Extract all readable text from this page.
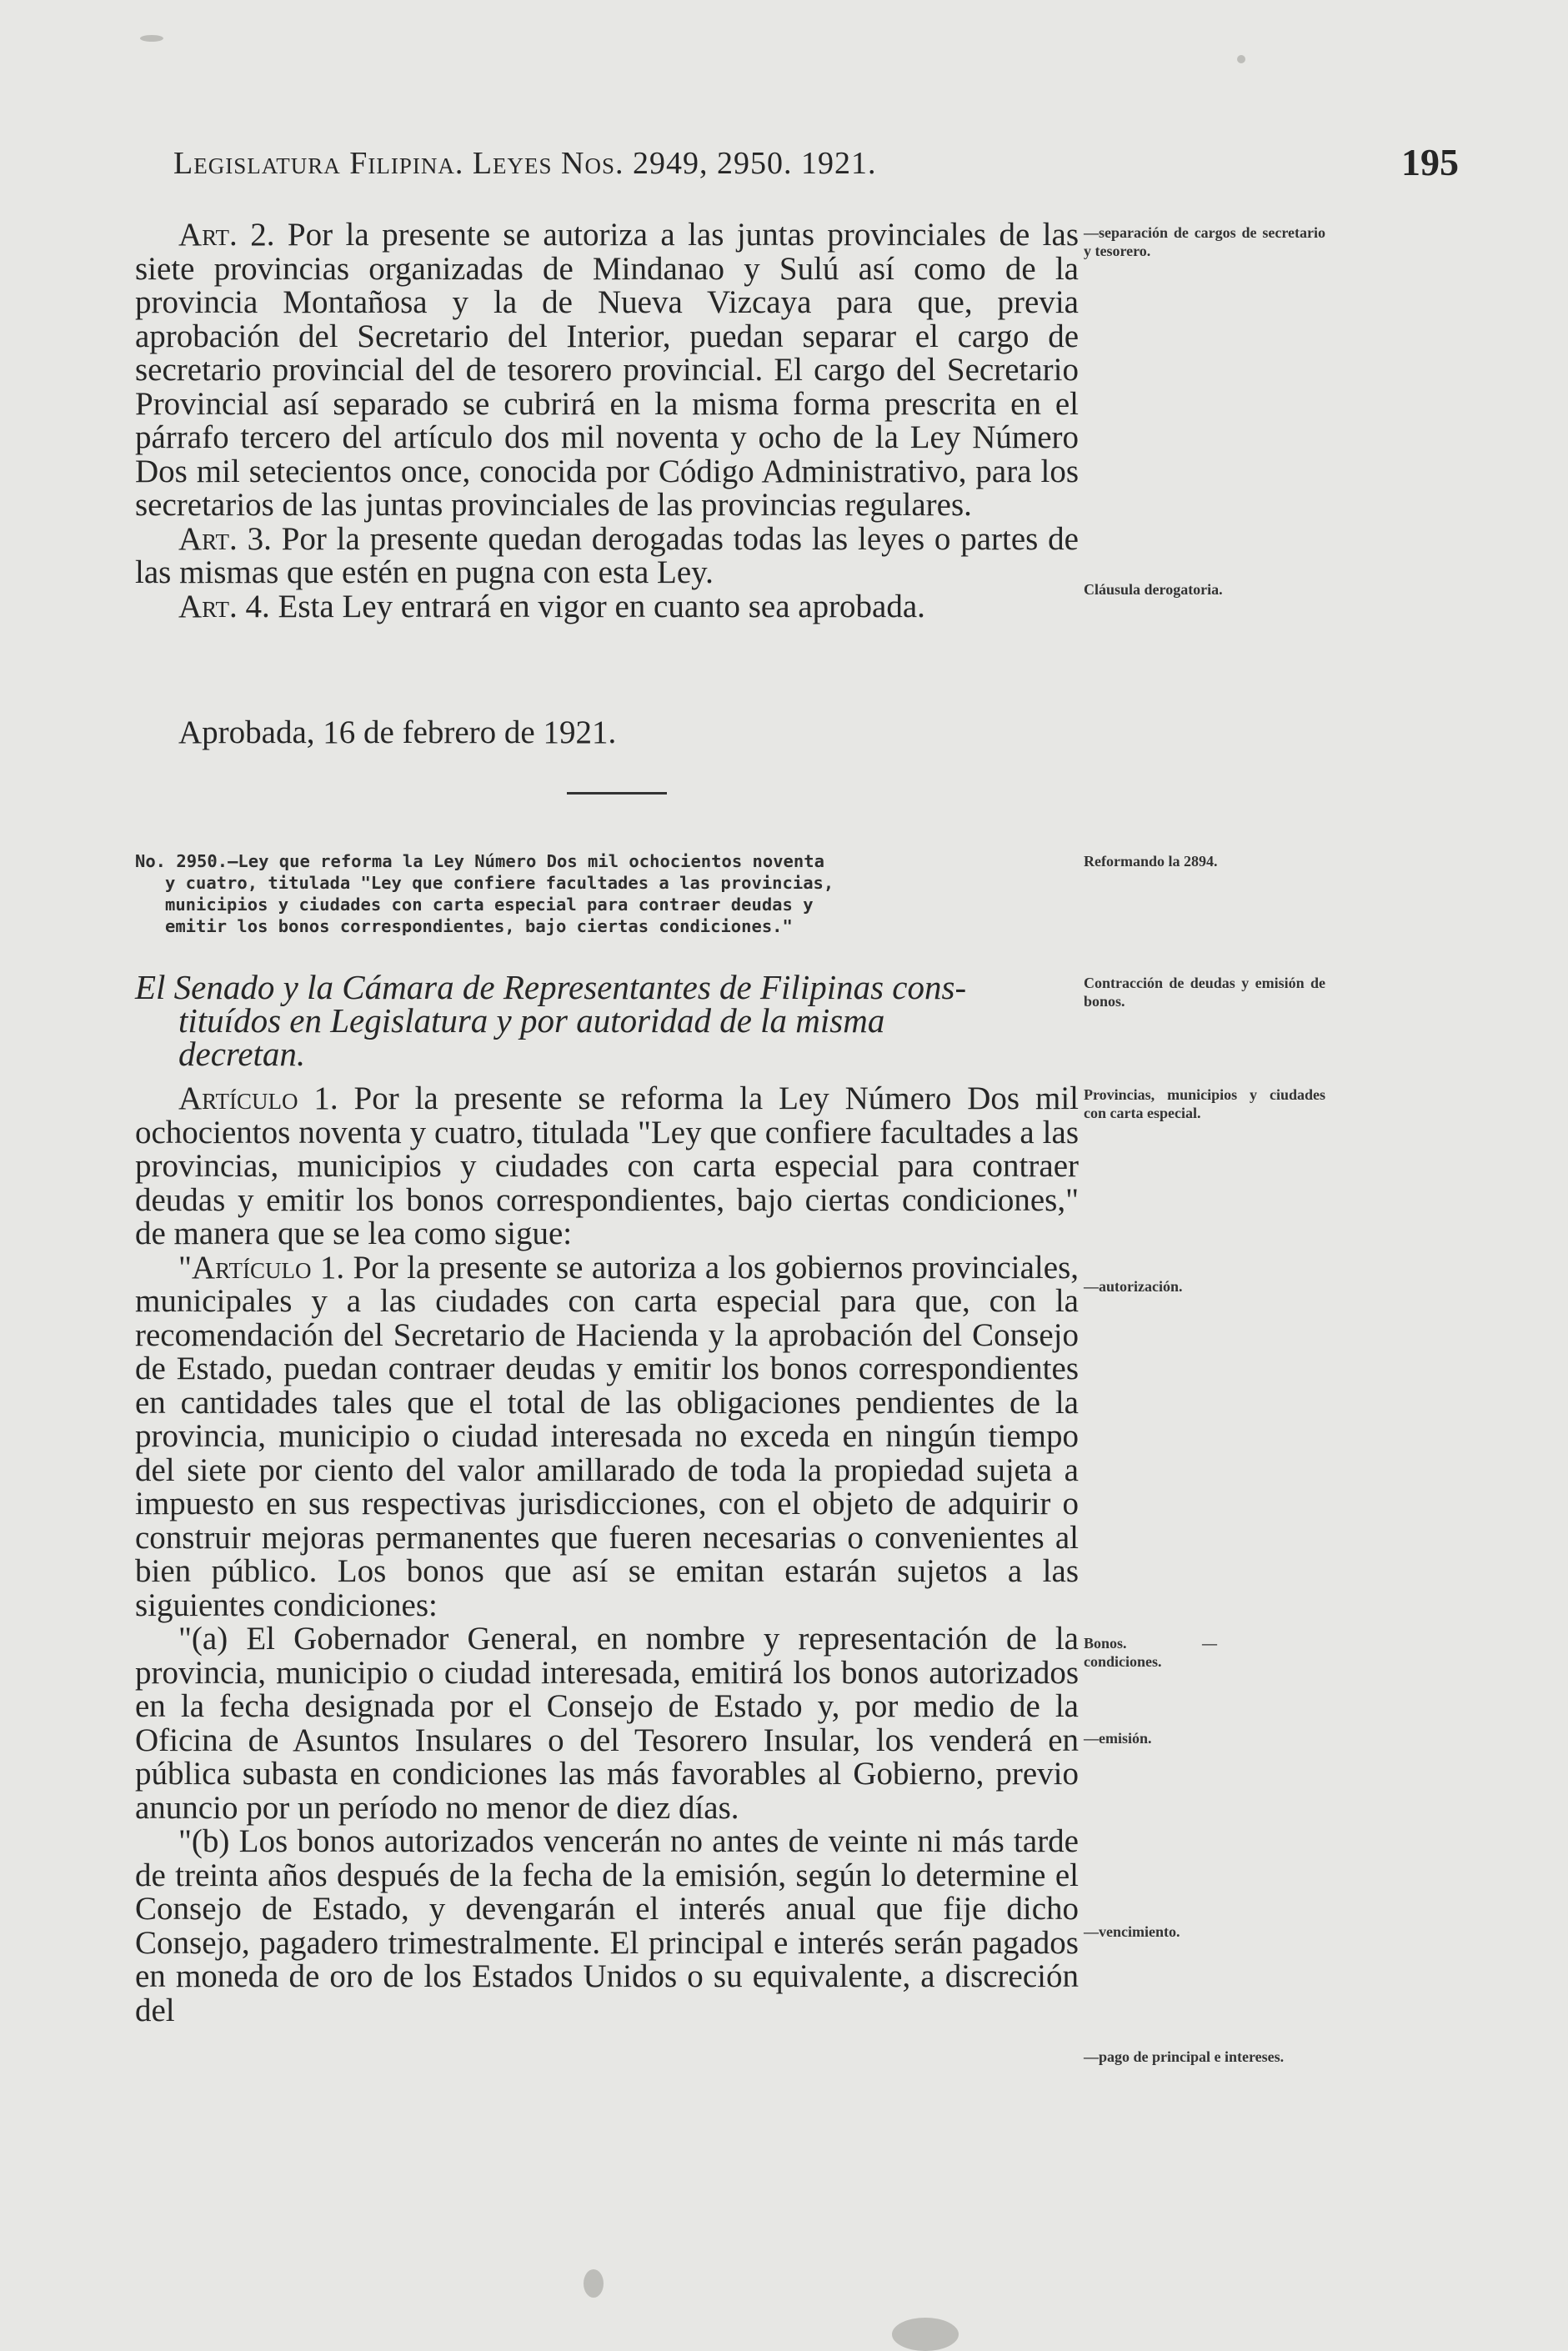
Legislatura Filipina. Leyes Nos. 2949, 2950. 1921.	195

Art. 2. Por la presente se autoriza a las juntas provinciales de las siete provincias organizadas de Mindanao y Sulú así como de la provincia Montañosa y la de Nueva Vizcaya para que, previa aprobación del Secretario del Interior, puedan separar el cargo de secretario provincial del de tesorero provincial. El cargo del Secretario Provincial así separado se cubrirá en la misma forma prescrita en el párrafo tercero del artículo dos mil noventa y ocho de la Ley Número Dos mil setecientos once, conocida por Código Administrativo, para los secretarios de las juntas provinciales de las provincias regulares.

Art. 3. Por la presente quedan derogadas todas las leyes o partes de las mismas que estén en pugna con esta Ley.

Art. 4. Esta Ley entrará en vigor en cuanto sea aprobada.

Aprobada, 16 de febrero de 1921.
No. 2950.—Ley que reforma la Ley Número Dos mil ochocientos noventa
y cuatro, titulada "Ley que confiere facultades a las provincias,
municipios y ciudades con carta especial para contraer deudas y
emitir los bonos correspondientes, bajo ciertas condiciones."
El Senado y la Cámara de Representantes de Filipinas cons-
tituídos en Legislatura y por autoridad de la misma
decretan.

Artículo 1. Por la presente se reforma la Ley Número Dos mil ochocientos noventa y cuatro, titulada "Ley que confiere facultades a las provincias, municipios y ciudades con carta especial para contraer deudas y emitir los bonos correspondientes, bajo ciertas condiciones," de manera que se lea como sigue:

"Artículo 1. Por la presente se autoriza a los gobiernos provinciales, municipales y a las ciudades con carta especial para que, con la recomendación del Secretario de Hacienda y la aprobación del Consejo de Estado, puedan contraer deudas y emitir los bonos correspondientes en cantidades tales que el total de las obligaciones pendientes de la provincia, municipio o ciudad interesada no exceda en ningún tiempo del siete por ciento del valor amillarado de toda la propiedad sujeta a impuesto en sus respectivas jurisdicciones, con el objeto de adquirir o construir mejoras permanentes que fueren necesarias o convenientes al bien público. Los bonos que así se emitan estarán sujetos a las siguientes condiciones:

"(a) El Gobernador General, en nombre y representación de la provincia, municipio o ciudad interesada, emitirá los bonos autorizados en la fecha designada por el Consejo de Estado y, por medio de la Oficina de Asuntos Insulares o del Tesorero Insular, los venderá en pública subasta en condiciones las más favorables al Gobierno, previo anuncio por un período no menor de diez días.

"(b) Los bonos autorizados vencerán no antes de veinte ni más tarde de treinta años después de la fecha de la emisión, según lo determine el Consejo de Estado, y devengarán el interés anual que fije dicho Consejo, pagadero trimestralmente. El principal e interés serán pagados en moneda de oro de los Estados Unidos o su equivalente, a discreción del

—separación de cargos de secretario y tesorero.
Cláusula derogatoria.
Reformando la 2894.
Contracción de deudas y emisión de bonos.
Provincias, municipios y ciudades con carta especial.
—autorización.
Bonos. —condiciones.
—emisión.
—vencimiento.
—pago de principal e intereses.
